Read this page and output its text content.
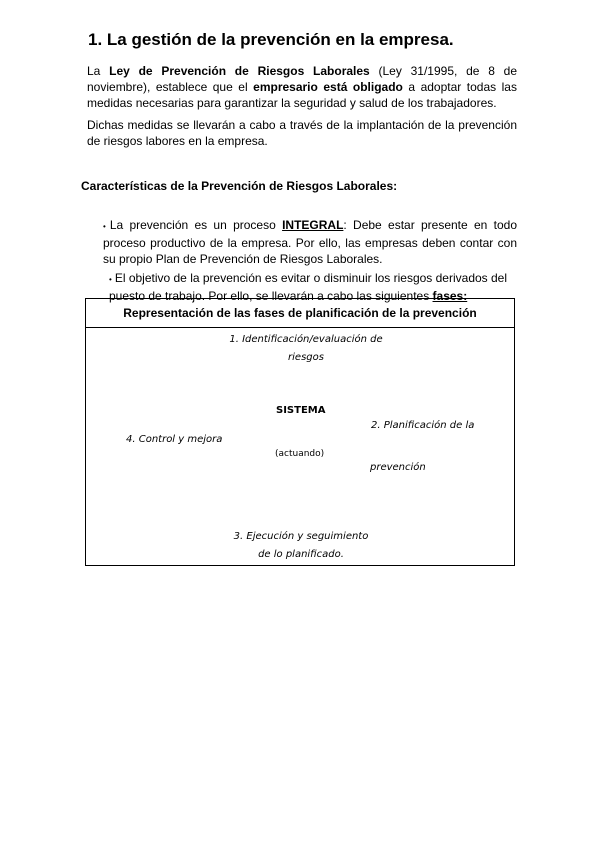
1. La gestión de la prevención en la empresa.

La Ley de Prevención de Riesgos Laborales (Ley 31/1995, de 8 de noviembre), establece que el empresario está obligado a adoptar todas las medidas necesarias para garantizar la seguridad y salud de los trabajadores.

Dichas medidas se llevarán a cabo a través de la implantación de la prevención de riesgos labores en la empresa.

Características de la Prevención de Riesgos Laborales:

• La prevención es un proceso INTEGRAL: Debe estar presente en todo proceso productivo de la empresa. Por ello, las empresas deben contar con su propio Plan de Prevención de Riesgos Laborales.

• El objetivo de la prevención es evitar o disminuir los riesgos derivados del puesto de trabajo. Por ello, se llevarán a cabo las siguientes fases:

Representación de las fases de planificación de la prevención
1. Identificación/evaluación de
riesgos
SISTEMA
(actuando)
2. Planificación de la
prevención
4. Control y mejora
3. Ejecución y seguimiento
de lo planificado.
